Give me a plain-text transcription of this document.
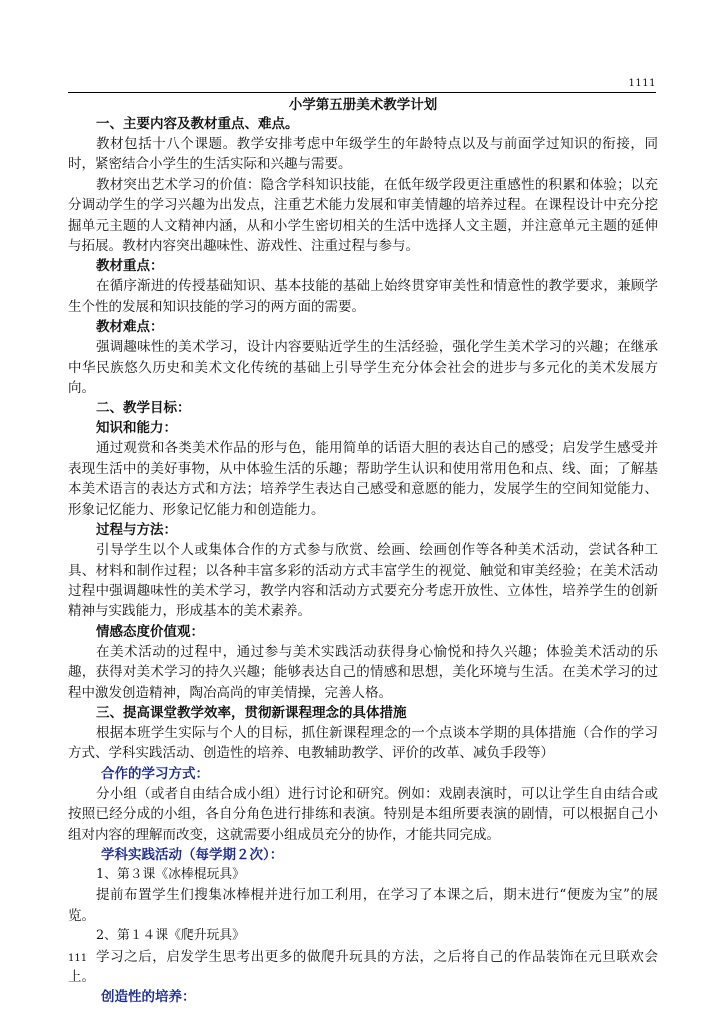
1111

小学第五册美术教学计划

一、主要内容及教材重点、难点。

教材包括十八个课题。教学安排考虑中年级学生的年龄特点以及与前面学过知识的衔接，同时，紧密结合小学生的生活实际和兴趣与需要。

教材突出艺术学习的价值：隐含学科知识技能，在低年级学段更注重感性的积累和体验；以充分调动学生的学习兴趣为出发点，注重艺术能力发展和审美情趣的培养过程。在课程设计中充分挖掘单元主题的人文精神内涵，从和小学生密切相关的生活中选择人文主题，并注意单元主题的延伸与拓展。教材内容突出趣味性、游戏性、注重过程与参与。

教材重点：

在循序渐进的传授基础知识、基本技能的基础上始终贯穿审美性和情意性的教学要求，兼顾学生个性的发展和知识技能的学习的两方面的需要。

教材难点：

强调趣味性的美术学习，设计内容要贴近学生的生活经验，强化学生美术学习的兴趣；在继承中华民族悠久历史和美术文化传统的基础上引导学生充分体会社会的进步与多元化的美术发展方向。

二、教学目标：

知识和能力：

通过观赏和各类美术作品的形与色，能用简单的话语大胆的表达自己的感受；启发学生感受并表现生活中的美好事物，从中体验生活的乐趣；帮助学生认识和使用常用色和点、线、面；了解基本美术语言的表达方式和方法；培养学生表达自己感受和意愿的能力，发展学生的空间知觉能力、形象记忆能力、形象记忆能力和创造能力。

过程与方法：

引导学生以个人或集体合作的方式参与欣赏、绘画、绘画创作等各种美术活动，尝试各种工具、材料和制作过程；以各种丰富多彩的活动方式丰富学生的视觉、触觉和审美经验；在美术活动过程中强调趣味性的美术学习，教学内容和活动方式要充分考虑开放性、立体性，培养学生的创新精神与实践能力，形成基本的美术素养。

情感态度价值观：

在美术活动的过程中，通过参与美术实践活动获得身心愉悦和持久兴趣；体验美术活动的乐趣，获得对美术学习的持久兴趣；能够表达自己的情感和思想，美化环境与生活。在美术学习的过程中激发创造精神，陶冶高尚的审美情操，完善人格。

三、提高课堂教学效率，贯彻新课程理念的具体措施

根据本班学生实际与个人的目标，抓住新课程理念的一个点谈本学期的具体措施（合作的学习方式、学科实践活动、创造性的培养、电教辅助教学、评价的改革、减负手段等）

合作的学习方式：

分小组（或者自由结合成小组）进行讨论和研究。例如：戏剧表演时，可以让学生自由结合或按照已经分成的小组，各自分角色进行排练和表演。特别是本组所要表演的剧情，可以根据自己小组对内容的理解而改变，这就需要小组成员充分的协作，才能共同完成。

学科实践活动（每学期２次）：

1、第３课《冰棒棍玩具》

提前布置学生们搜集冰棒棍并进行加工利用，在学习了本课之后，期末进行“便废为宝”的展览。

2、第１４课《爬升玩具》

学习之后，启发学生思考出更多的做爬升玩具的方法，之后将自己的作品装饰在元旦联欢会上。

创造性的培养：

111
